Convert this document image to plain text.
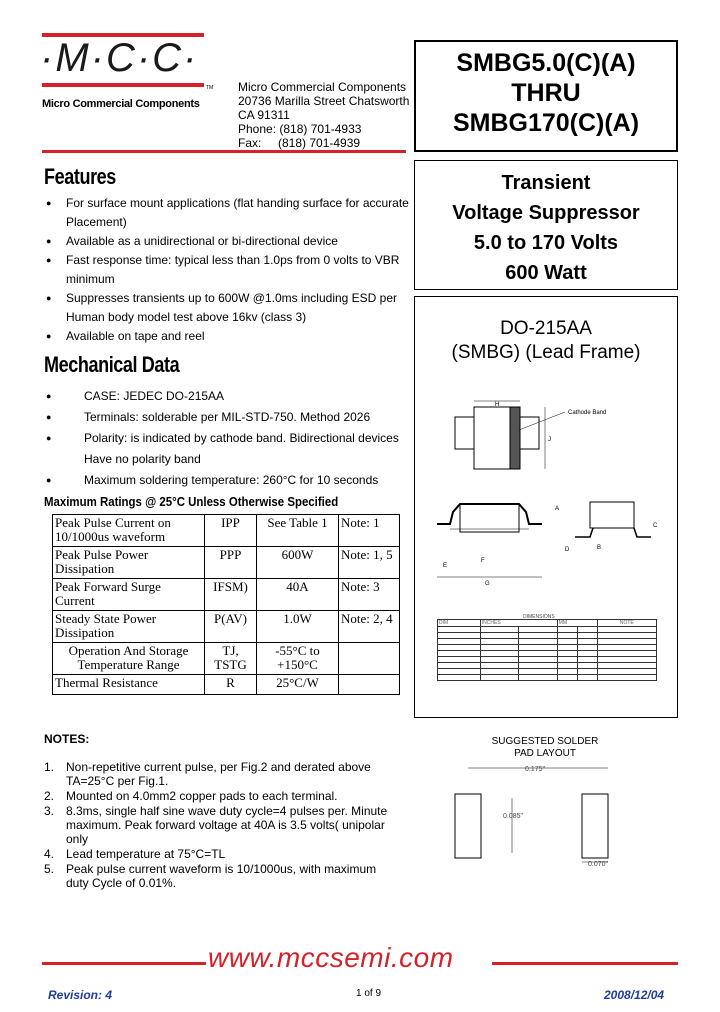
·M·C·C·
TM
Micro Commercial Components
Micro Commercial Components
20736 Marilla Street Chatsworth
CA 91311
Phone: (818) 701-4933
Fax:     (818) 701-4939
SMBG5.0(C)(A)
THRU
SMBG170(C)(A)
Transient
Voltage Suppressor
5.0 to 170 Volts
600 Watt
DO-215AA
(SMBG) (Lead Frame)
H
J
Cathode Band
F
E
G
A
C
D	B
DIMENSIONS
DIM	INCHES		MM		NOTE

SUGGESTED SOLDER
PAD LAYOUT
0.175"
0.085"
0.070"
Features
● For surface mount applications (flat handing surface for accurate Placement)
● Available as a unidirectional or bi-directional device
● Fast response time: typical less than 1.0ps from 0 volts to VBR minimum
● Suppresses transients up to 600W @1.0ms including ESD per Human body model test above 16kv (class 3)
● Available on tape and reel
Mechanical Data
● CASE: JEDEC DO-215AA
● Terminals: solderable per MIL-STD-750. Method 2026
● Polarity: is indicated by cathode band. Bidirectional devices Have no polarity band
● Maximum soldering temperature: 260°C for 10 seconds
Maximum Ratings @ 25°C Unless Otherwise Specified
Peak Pulse Current on 10/1000us waveform	IPP	See Table 1	Note: 1
Peak Pulse Power Dissipation	PPP	600W	Note: 1, 5
Peak Forward Surge Current	IFSM)	40A	Note: 3
Steady State Power Dissipation	P(AV)	1.0W	Note: 2, 4
Operation And Storage Temperature Range	TJ, TSTG	-55°C to +150°C	
Thermal Resistance	R	25°C/W	
NOTES:
1. Non-repetitive current pulse, per Fig.2 and derated above TA=25°C per Fig.1.
2. Mounted on 4.0mm2 copper pads to each terminal.
3. 8.3ms, single half sine wave duty cycle=4 pulses per. Minute maximum. Peak forward voltage at 40A is 3.5 volts( unipolar only
4. Lead temperature at 75°C=TL
5. Peak pulse current waveform is 10/1000us, with maximum duty Cycle of 0.01%.
www.mccsemi.com
Revision: 4	1 of 9	2008/12/04
